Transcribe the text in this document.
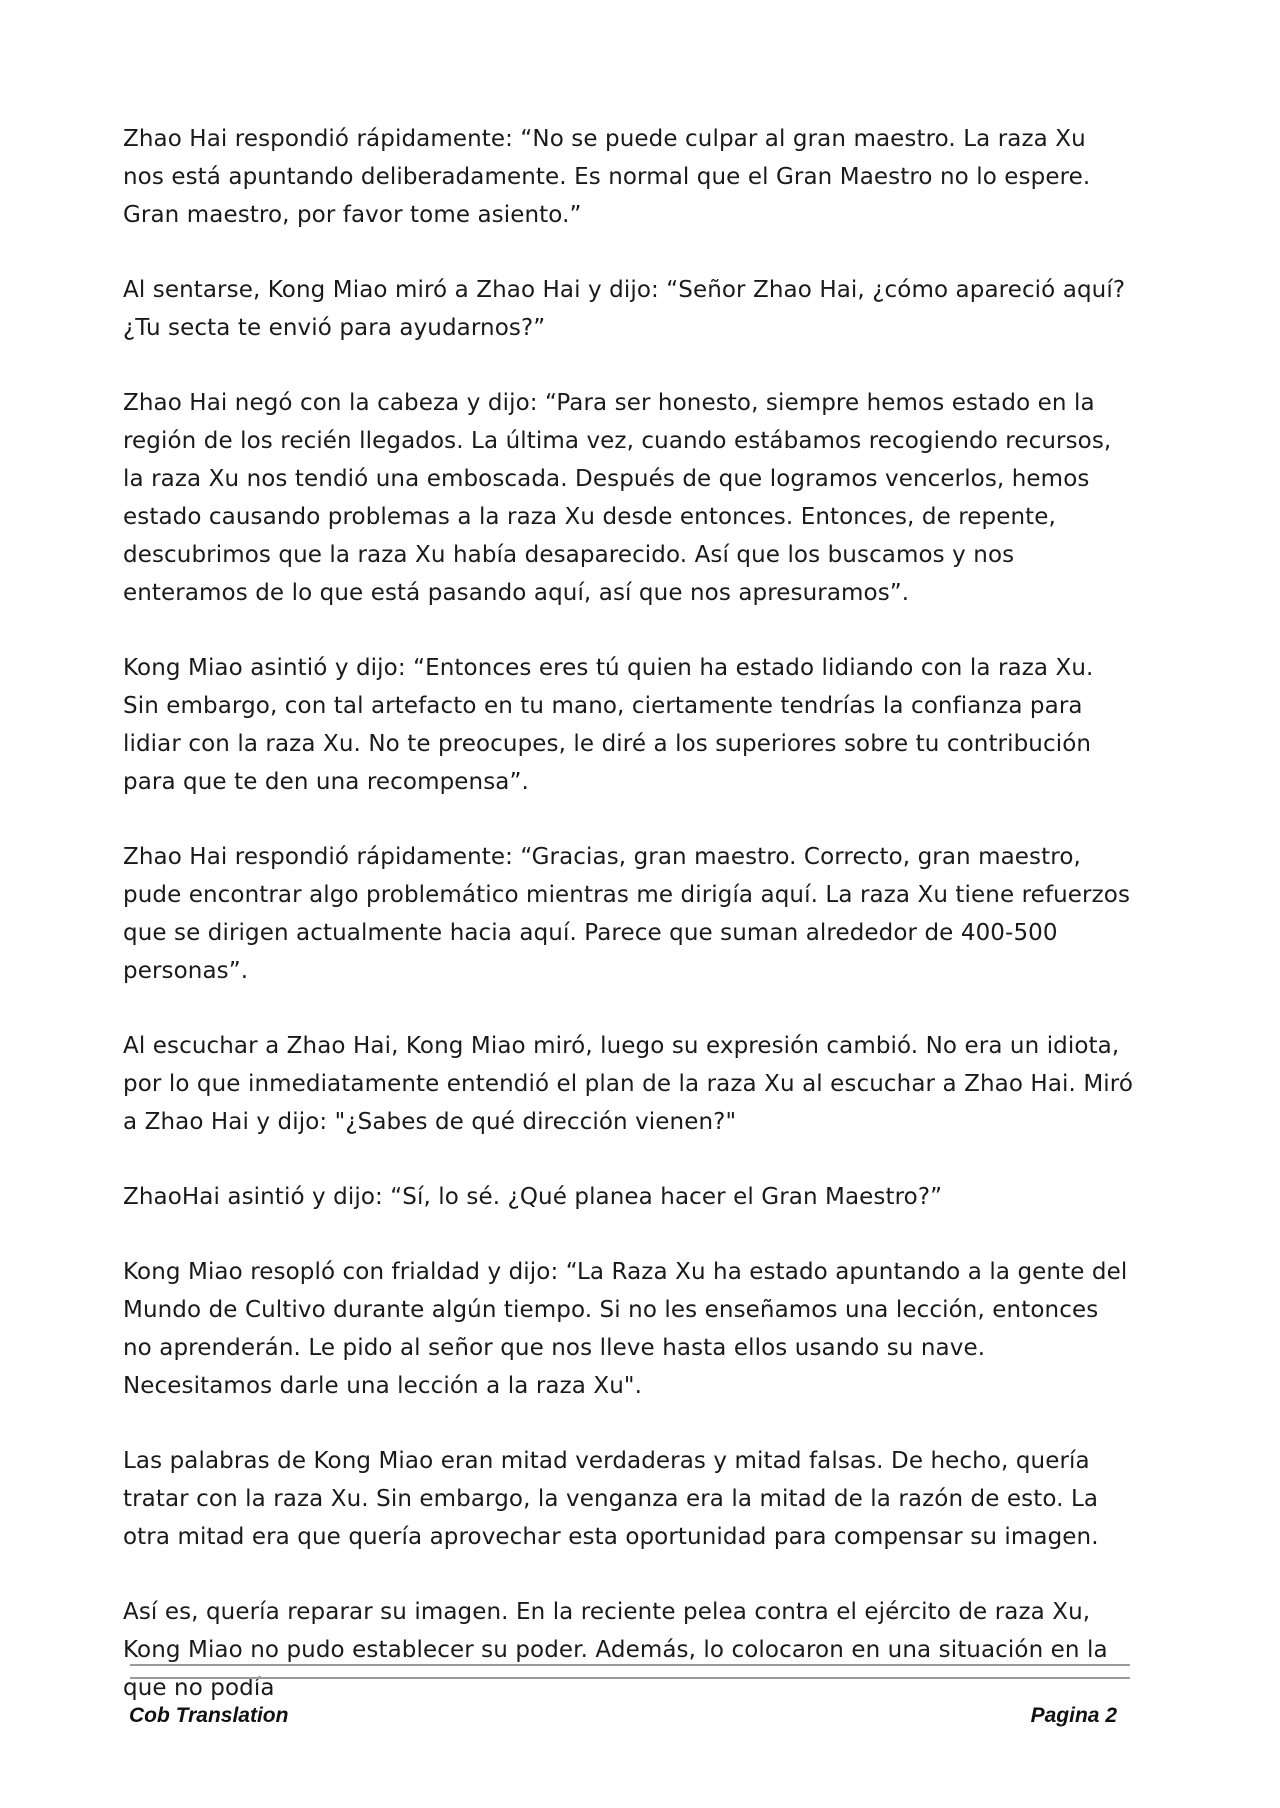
Zhao Hai respondió rápidamente: “No se puede culpar al gran maestro. La raza Xu nos está apuntando deliberadamente. Es normal que el Gran Maestro no lo espere. Gran maestro, por favor tome asiento.”

Al sentarse, Kong Miao miró a Zhao Hai y dijo: “Señor Zhao Hai, ¿cómo apareció aquí? ¿Tu secta te envió para ayudarnos?”

Zhao Hai negó con la cabeza y dijo: “Para ser honesto, siempre hemos estado en la región de los recién llegados. La última vez, cuando estábamos recogiendo recursos, la raza Xu nos tendió una emboscada. Después de que logramos vencerlos, hemos estado causando problemas a la raza Xu desde entonces. Entonces, de repente, descubrimos que la raza Xu había desaparecido. Así que los buscamos y nos enteramos de lo que está pasando aquí, así que nos apresuramos”.

Kong Miao asintió y dijo: “Entonces eres tú quien ha estado lidiando con la raza Xu. Sin embargo, con tal artefacto en tu mano, ciertamente tendrías la confianza para lidiar con la raza Xu. No te preocupes, le diré a los superiores sobre tu contribución para que te den una recompensa”.

Zhao Hai respondió rápidamente: “Gracias, gran maestro. Correcto, gran maestro, pude encontrar algo problemático mientras me dirigía aquí. La raza Xu tiene refuerzos que se dirigen actualmente hacia aquí. Parece que suman alrededor de 400-500 personas”.

Al escuchar a Zhao Hai, Kong Miao miró, luego su expresión cambió. No era un idiota, por lo que inmediatamente entendió el plan de la raza Xu al escuchar a Zhao Hai. Miró a Zhao Hai y dijo: "¿Sabes de qué dirección vienen?"

ZhaoHai asintió y dijo: “Sí, lo sé. ¿Qué planea hacer el Gran Maestro?”

Kong Miao resopló con frialdad y dijo: “La Raza Xu ha estado apuntando a la gente del Mundo de Cultivo durante algún tiempo. Si no les enseñamos una lección, entonces no aprenderán. Le pido al señor que nos lleve hasta ellos usando su nave. Necesitamos darle una lección a la raza Xu".

Las palabras de Kong Miao eran mitad verdaderas y mitad falsas. De hecho, quería tratar con la raza Xu. Sin embargo, la venganza era la mitad de la razón de esto. La otra mitad era que quería aprovechar esta oportunidad para compensar su imagen.

Así es, quería reparar su imagen. En la reciente pelea contra el ejército de raza Xu, Kong Miao no pudo establecer su poder. Además, lo colocaron en una situación en la que no podía

Cob Translation	Pagina 2
